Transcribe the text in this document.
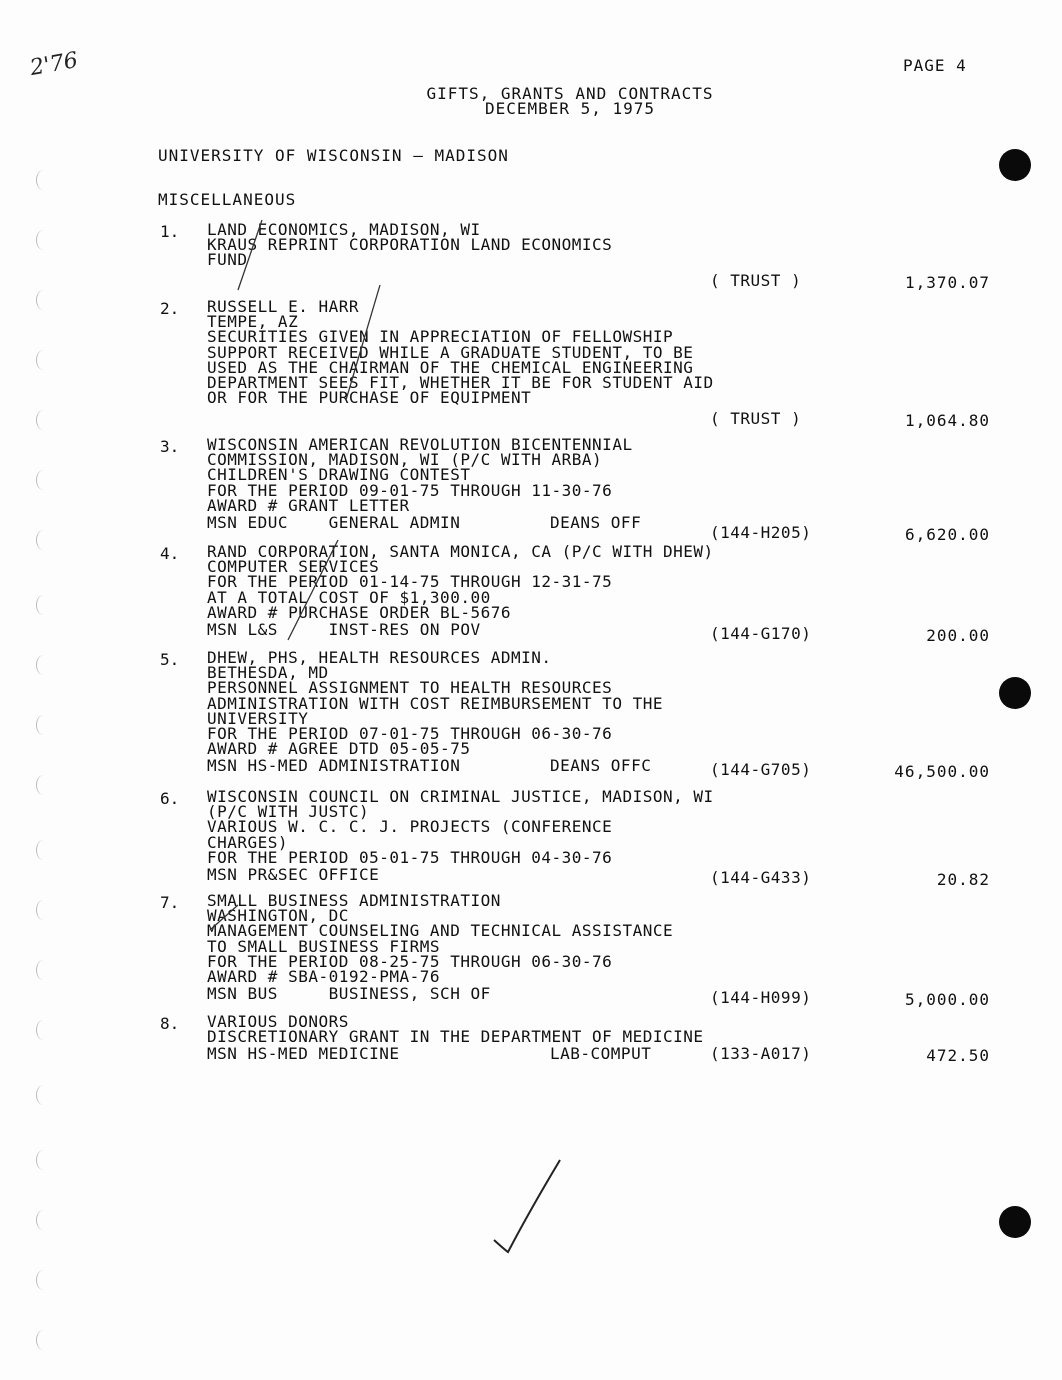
2'76	PAGE 4
GIFTS, GRANTS AND CONTRACTS
DECEMBER 5, 1975
UNIVERSITY OF WISCONSIN — MADISON
MISCELLANEOUS
1. LAND ECONOMICS, MADISON, WI
KRAUS REPRINT CORPORATION LAND ECONOMICS
FUND
( TRUST )	1,370.07
2. RUSSELL E. HARR
TEMPE, AZ
SECURITIES GIVEN IN APPRECIATION OF FELLOWSHIP
SUPPORT RECEIVED WHILE A GRADUATE STUDENT, TO BE
USED AS THE CHAIRMAN OF THE CHEMICAL ENGINEERING
DEPARTMENT SEES FIT, WHETHER IT BE FOR STUDENT AID
OR FOR THE PURCHASE OF EQUIPMENT
( TRUST )	1,064.80
3. WISCONSIN AMERICAN REVOLUTION BICENTENNIAL
COMMISSION, MADISON, WI (P/C WITH ARBA)
CHILDREN'S DRAWING CONTEST
FOR THE PERIOD 09-01-75 THROUGH 11-30-76
AWARD # GRANT LETTER
MSN EDUC    GENERAL ADMIN	DEANS OFF
(144-H205)	6,620.00
4. RAND CORPORATION, SANTA MONICA, CA (P/C WITH DHEW)
COMPUTER SERVICES
FOR THE PERIOD 01-14-75 THROUGH 12-31-75
AT A TOTAL COST OF $1,300.00
AWARD # PURCHASE ORDER BL-5676
MSN L&S     INST-RES ON POV	(144-G170)	200.00
5. DHEW, PHS, HEALTH RESOURCES ADMIN.
BETHESDA, MD
PERSONNEL ASSIGNMENT TO HEALTH RESOURCES
ADMINISTRATION WITH COST REIMBURSEMENT TO THE
UNIVERSITY
FOR THE PERIOD 07-01-75 THROUGH 06-30-76
AWARD # AGREE DTD 05-05-75
MSN HS-MED ADMINISTRATION	DEANS OFFC	(144-G705)	46,500.00
6. WISCONSIN COUNCIL ON CRIMINAL JUSTICE, MADISON, WI
(P/C WITH JUSTC)
VARIOUS W. C. C. J. PROJECTS (CONFERENCE
CHARGES)
FOR THE PERIOD 05-01-75 THROUGH 04-30-76
MSN PR&SEC OFFICE	(144-G433)	20.82
7. SMALL BUSINESS ADMINISTRATION
WASHINGTON, DC
MANAGEMENT COUNSELING AND TECHNICAL ASSISTANCE
TO SMALL BUSINESS FIRMS
FOR THE PERIOD 08-25-75 THROUGH 06-30-76
AWARD # SBA-0192-PMA-76
MSN BUS     BUSINESS, SCH OF	(144-H099)	5,000.00
8. VARIOUS DONORS
DISCRETIONARY GRANT IN THE DEPARTMENT OF MEDICINE
MSN HS-MED MEDICINE	LAB-COMPUT	(133-A017)	472.50
